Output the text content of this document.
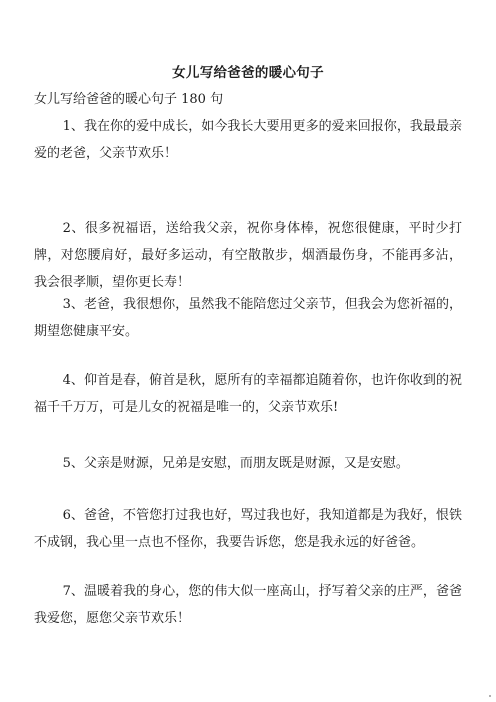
女儿写给爸爸的暖心句子
女儿写给爸爸的暖心句子 180 句

1、我在你的爱中成长，如今我长大要用更多的爱来回报你，我最最亲爱的老爸，父亲节欢乐！

2、很多祝福语，送给我父亲，祝你身体棒，祝您很健康，平时少打牌，对您腰肩好，最好多运动，有空散散步，烟酒最伤身，不能再多沾，我会很孝顺，望你更长寿！

3、老爸，我很想你，虽然我不能陪您过父亲节，但我会为您祈福的，期望您健康平安。

4、仰首是春，俯首是秋，愿所有的幸福都追随着你，也许你收到的祝福千千万万，可是儿女的祝福是唯一的，父亲节欢乐!

5、父亲是财源，兄弟是安慰，而朋友既是财源，又是安慰。

6、爸爸，不管您打过我也好，骂过我也好，我知道都是为我好，恨铁不成钢，我心里一点也不怪你，我要告诉您，您是我永远的好爸爸。

7、温暖着我的身心，您的伟大似一座高山，抒写着父亲的庄严，爸爸我爱您，愿您父亲节欢乐！
